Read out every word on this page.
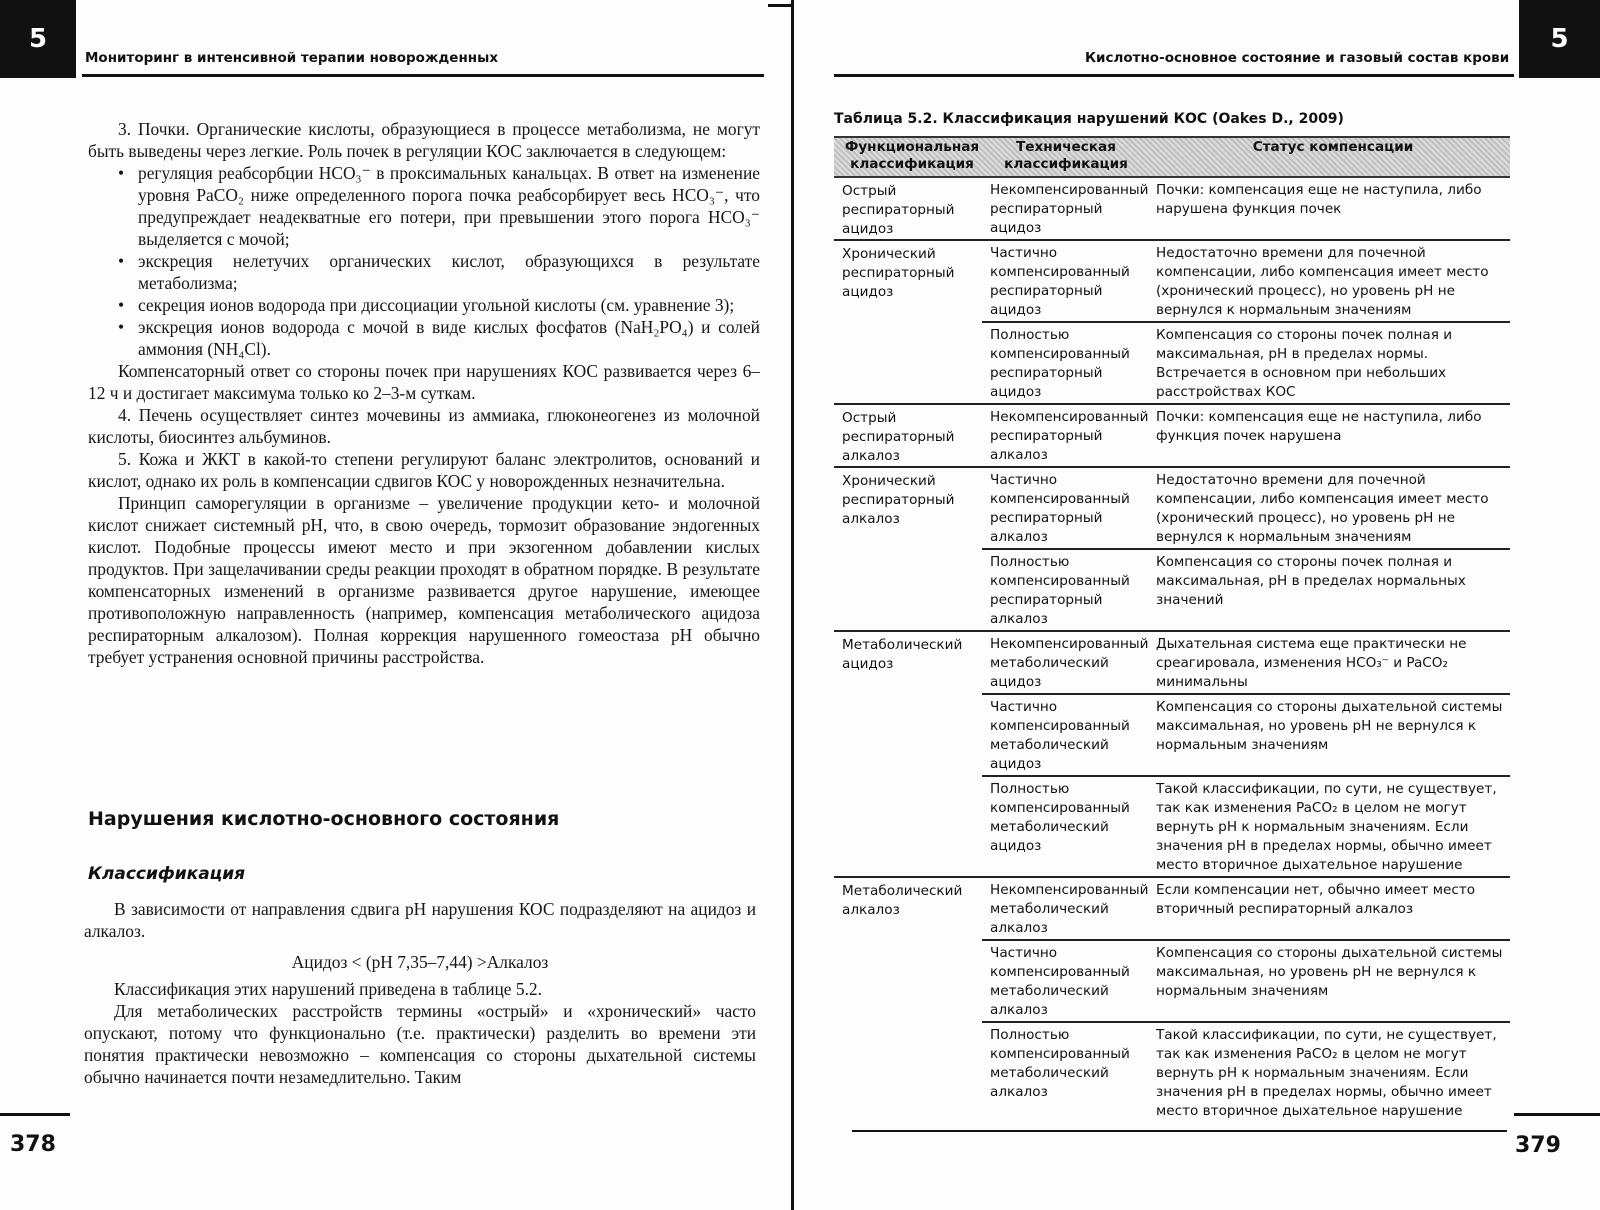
5
Мониторинг в интенсивной терапии новорожденных

3. Почки. Органические кислоты, образующиеся в процессе метаболизма, не могут быть выведены через легкие. Роль почек в регуляции КОС заключается в следующем:

• регуляция реабсорбции HCO₃⁻ в проксимальных канальцах. В ответ на изменение уровня PaCO₂ ниже определенного порога почка реабсорбирует весь HCO₃⁻, что предупреждает неадекватные его потери, при превышении этого порога HCO₃⁻ выделяется с мочой;
• экскреция нелетучих органических кислот, образующихся в результате метаболизма;
• секреция ионов водорода при диссоциации угольной кислоты (см. уравнение 3);
• экскреция ионов водорода с мочой в виде кислых фосфатов (NaH₂PO₄) и солей аммония (NH₄Cl).

Компенсаторный ответ со стороны почек при нарушениях КОС развивается через 6–12 ч и достигает максимума только ко 2–3-м суткам.

4. Печень осуществляет синтез мочевины из аммиака, глюконеогенез из молочной кислоты, биосинтез альбуминов.

5. Кожа и ЖКТ в какой-то степени регулируют баланс электролитов, оснований и кислот, однако их роль в компенсации сдвигов КОС у новорожденных незначительна.

Принцип саморегуляции в организме – увеличение продукции кето- и молочной кислот снижает системный pH, что, в свою очередь, тормозит образование эндогенных кислот. Подобные процессы имеют место и при экзогенном добавлении кислых продуктов. При защелачивании среды реакции проходят в обратном порядке. В результате компенсаторных изменений в организме развивается другое нарушение, имеющее противоположную направленность (например, компенсация метаболического ацидоза респираторным алкалозом). Полная коррекция нарушенного гомеостаза pH обычно требует устранения основной причины расстройства.

Нарушения кислотно-основного состояния
Классификация

В зависимости от направления сдвига pH нарушения КОС подразделяют на ацидоз и алкалоз.

Ацидоз < (pH 7,35–7,44) >Алкалоз

Классификация этих нарушений приведена в таблице 5.2.

Для метаболических расстройств термины «острый» и «хронический» часто опускают, потому что функционально (т.е. практически) разделить во времени эти понятия практически невозможно – компенсация со стороны дыхательной системы обычно начинается почти незамедлительно. Таким

378
Кислотно-основное состояние и газовый состав крови
5
Таблица 5.2. Классификация нарушений КОС (Oakes D., 2009)
Функциональная классификация
Техническая классификация
Статус компенсации
Острый респираторный ацидоз
Некомпенсированный респираторный ацидоз
Почки: компенсация еще не наступила, либо нарушена функция почек
Хронический респираторный ацидоз
Частично компенсированный респираторный ацидоз
Недостаточно времени для почечной компенсации, либо компенсация имеет место (хронический процесс), но уровень pH не вернулся к нормальным значениям
Полностью компенсированный респираторный ацидоз
Компенсация со стороны почек полная и максимальная, pH в пределах нормы. Встречается в основном при небольших расстройствах КОС
Острый респираторный алкалоз
Некомпенсированный респираторный алкалоз
Почки: компенсация еще не наступила, либо функция почек нарушена
Хронический респираторный алкалоз
Частично компенсированный респираторный алкалоз
Недостаточно времени для почечной компенсации, либо компенсация имеет место (хронический процесс), но уровень pH не вернулся к нормальным значениям
Полностью компенсированный респираторный алкалоз
Компенсация со стороны почек полная и максимальная, pH в пределах нормальных значений
Метаболический ацидоз
Некомпенсированный метаболический ацидоз
Дыхательная система еще практически не среагировала, изменения HCO₃⁻ и PaCO₂ минимальны
Частично компенсированный метаболический ацидоз
Компенсация со стороны дыхательной системы максимальная, но уровень pH не вернулся к нормальным значениям
Полностью компенсированный метаболический ацидоз
Такой классификации, по сути, не существует, так как изменения PaCO₂ в целом не могут вернуть pH к нормальным значениям. Если значения pH в пределах нормы, обычно имеет место вторичное дыхательное нарушение
Метаболический алкалоз
Некомпенсированный метаболический алкалоз
Если компенсации нет, обычно имеет место вторичный респираторный алкалоз
Частично компенсированный метаболический алкалоз
Компенсация со стороны дыхательной системы максимальная, но уровень pH не вернулся к нормальным значениям
Полностью компенсированный метаболический алкалоз
Такой классификации, по сути, не существует, так как изменения PaCO₂ в целом не могут вернуть pH к нормальным значениям. Если значения pH в пределах нормы, обычно имеет место вторичное дыхательное нарушение
379
